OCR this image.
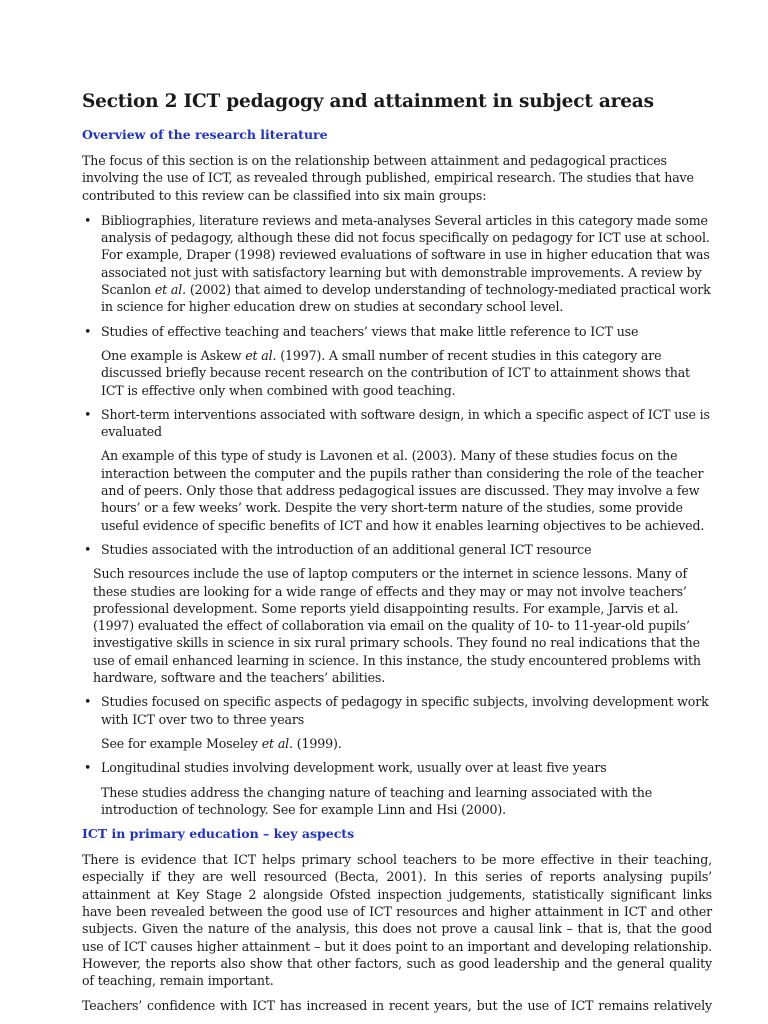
Section 2 ICT pedagogy and attainment in subject areas
Overview of the research literature

The focus of this section is on the relationship between attainment and pedagogical practices involving the use of ICT, as revealed through published, empirical research. The studies that have contributed to this review can be classified into six main groups:

• Bibliographies, literature reviews and meta-analyses Several articles in this category made some analysis of pedagogy, although these did not focus specifically on pedagogy for ICT use at school. For example, Draper (1998) reviewed evaluations of software in use in higher education that was associated not just with satisfactory learning but with demonstrable improvements. A review by Scanlon et al. (2002) that aimed to develop understanding of technology-mediated practical work in science for higher education drew on studies at secondary school level.

• Studies of effective teaching and teachers’ views that make little reference to ICT use

One example is Askew et al. (1997). A small number of recent studies in this category are discussed briefly because recent research on the contribution of ICT to attainment shows that ICT is effective only when combined with good teaching.

• Short-term interventions associated with software design, in which a specific aspect of ICT use is evaluated

An example of this type of study is Lavonen et al. (2003). Many of these studies focus on the interaction between the computer and the pupils rather than considering the role of the teacher and of peers. Only those that address pedagogical issues are discussed. They may involve a few hours’ or a few weeks’ work. Despite the very short-term nature of the studies, some provide useful evidence of specific benefits of ICT and how it enables learning objectives to be achieved.

• Studies associated with the introduction of an additional general ICT resource

Such resources include the use of laptop computers or the internet in science lessons. Many of these studies are looking for a wide range of effects and they may or may not involve teachers’ professional development. Some reports yield disappointing results. For example, Jarvis et al. (1997) evaluated the effect of collaboration via email on the quality of 10- to 11-year-old pupils’ investigative skills in science in six rural primary schools. They found no real indications that the use of email enhanced learning in science. In this instance, the study encountered problems with hardware, software and the teachers’ abilities.

• Studies focused on specific aspects of pedagogy in specific subjects, involving development work with ICT over two to three years

See for example Moseley et al. (1999).

• Longitudinal studies involving development work, usually over at least five years

These studies address the changing nature of teaching and learning associated with the introduction of technology. See for example Linn and Hsi (2000).

ICT in primary education – key aspects

There is evidence that ICT helps primary school teachers to be more effective in their teaching, especially if they are well resourced (Becta, 2001). In this series of reports analysing pupils’ attainment at Key Stage 2 alongside Ofsted inspection judgements, statistically significant links have been revealed between the good use of ICT resources and higher attainment in ICT and other subjects. Given the nature of the analysis, this does not prove a causal link – that is, that the good use of ICT causes higher attainment – but it does point to an important and developing relationship. However, the reports also show that other factors, such as good leadership and the general quality of teaching, remain important.

Teachers’ confidence with ICT has increased in recent years, but the use of ICT remains relatively
